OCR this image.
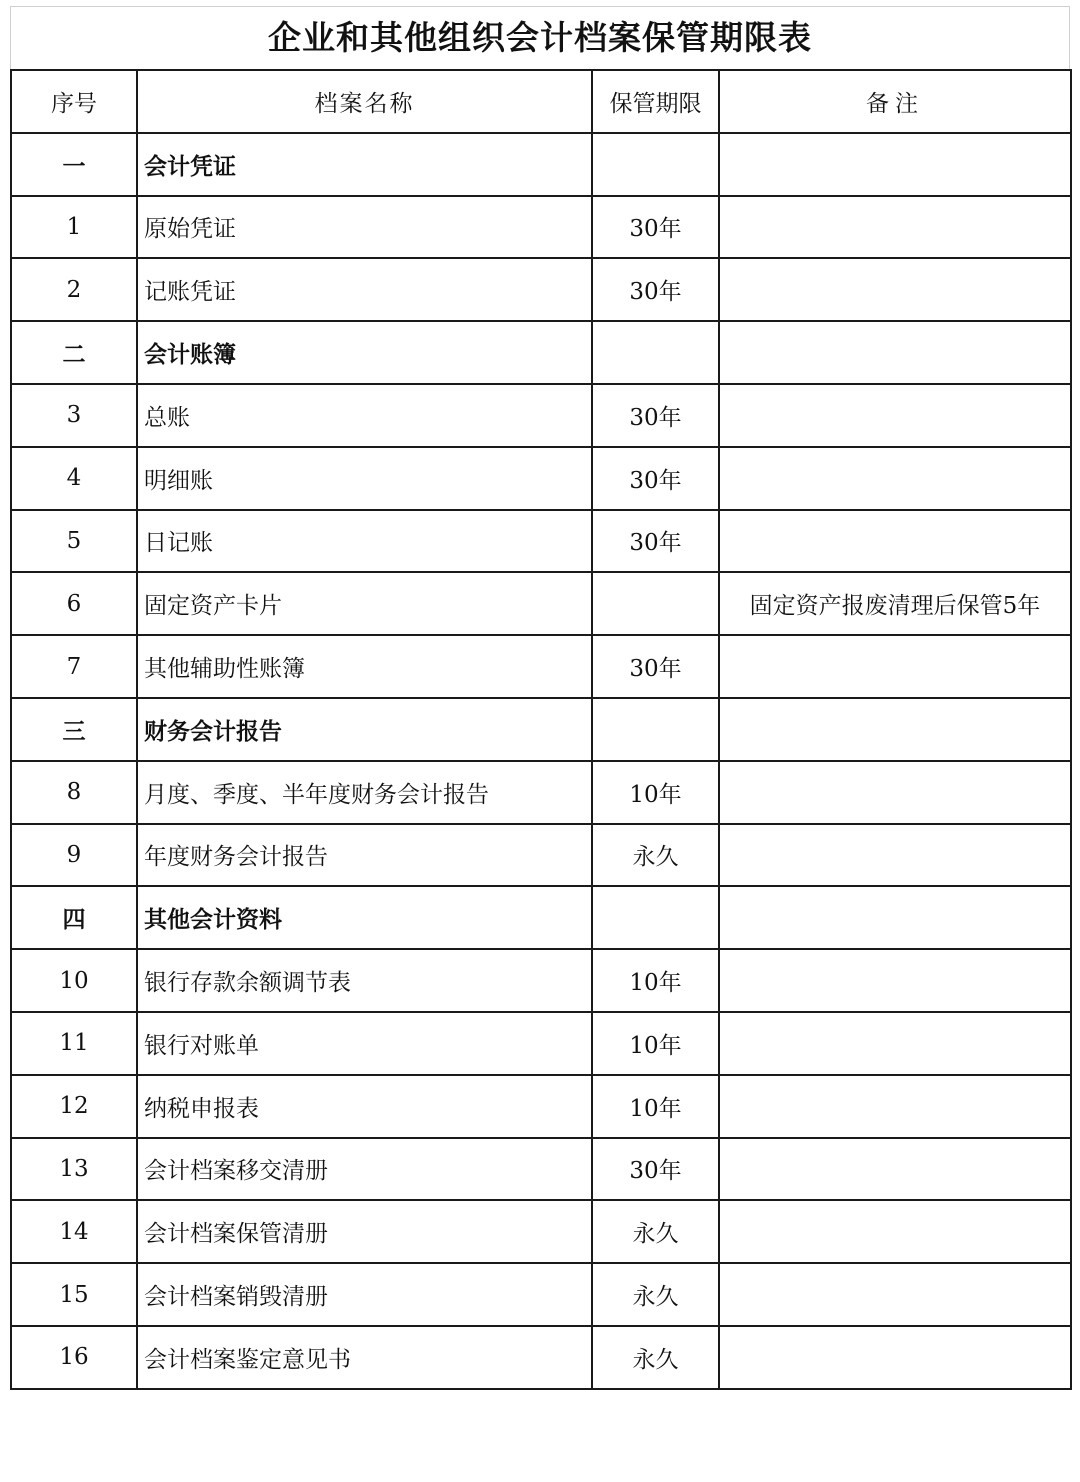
企业和其他组织会计档案保管期限表
序号	档案名称	保管期限	备注
一	会计凭证		
1	原始凭证	30年	
2	记账凭证	30年	
二	会计账簿		
3	总账	30年	
4	明细账	30年	
5	日记账	30年	
6	固定资产卡片		固定资产报废清理后保管5年
7	其他辅助性账簿	30年	
三	财务会计报告		
8	月度、季度、半年度财务会计报告	10年	
9	年度财务会计报告	永久	
四	其他会计资料		
10	银行存款余额调节表	10年	
11	银行对账单	10年	
12	纳税申报表	10年	
13	会计档案移交清册	30年	
14	会计档案保管清册	永久	
15	会计档案销毁清册	永久	
16	会计档案鉴定意见书	永久	
